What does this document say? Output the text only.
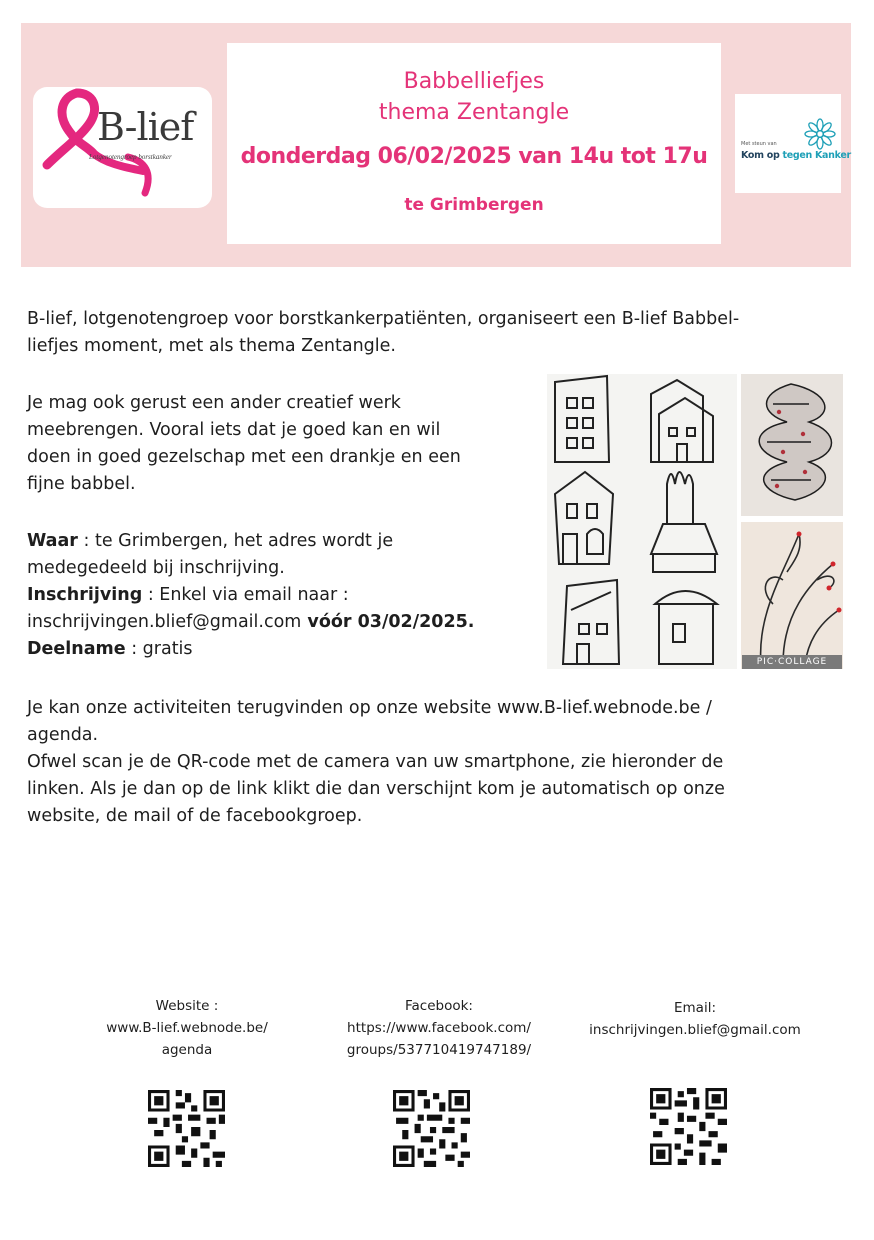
B-lief
Lotgenotengroep borstkanker
Babbelliefjes
thema Zentangle
donderdag 06/02/2025 van 14u tot 17u
te Grimbergen
Met steun van
Kom op tegen Kanker
B-lief, lotgenotengroep voor borstkankerpatiënten, organiseert een B-lief Babbel-
liefjes moment, met als thema Zentangle.
Je mag ook gerust een ander creatief werk
meebrengen. Vooral iets dat je goed kan en wil
doen in goed gezelschap met een drankje en een
fijne babbel.
Waar : te Grimbergen, het adres wordt je
medegedeeld bij inschrijving.
Inschrijving : Enkel via email naar :
inschrijvingen.blief@gmail.com vóór 03/02/2025.
Deelname : gratis
PIC·COLLAGE
Je kan onze activiteiten terugvinden op onze website www.B-lief.webnode.be /
agenda.
Ofwel scan je de QR-code met de camera van uw smartphone, zie hieronder de
linken. Als je dan op de link klikt die dan verschijnt kom je automatisch op onze
website, de mail of de facebookgroep.
Website :
www.B-lief.webnode.be/
agenda
Facebook:
https://www.facebook.com/
groups/537710419747189/
Email:
inschrijvingen.blief@gmail.com
